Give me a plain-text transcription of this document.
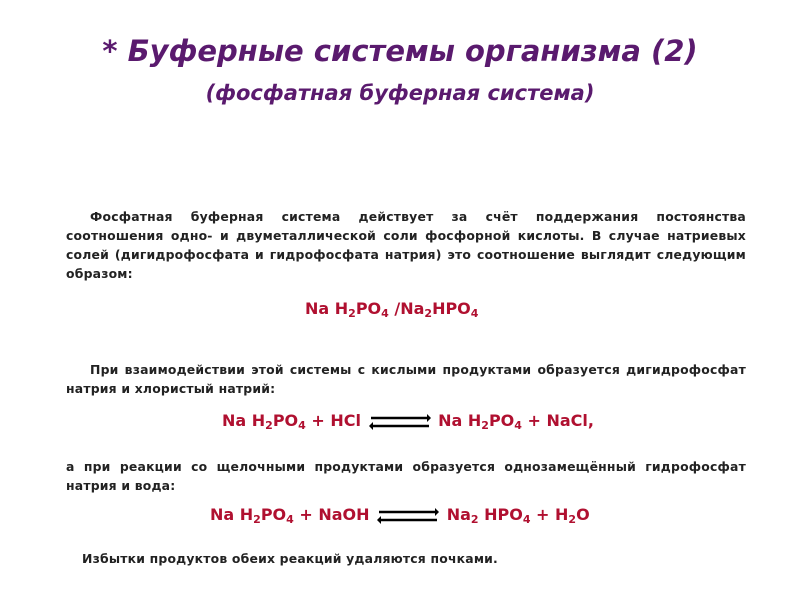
* Буферные системы организма (2)
(фосфатная буферная система)
Фосфатная буферная система действует за счёт поддержания постоянства соотношения одно- и двуметаллической соли фосфорной кислоты. В случае натриевых солей (дигидрофосфата и гидрофосфата натрия) это соотношение выглядит следующим образом:
Na $H_2PO_4$ $/Na_2HPO_4$
При взаимодействии этой системы с кислыми продуктами образуется дигидрофосфат натрия и хлористый натрий:
Na $H_2PO_4$ + HCl ⇌ Na $H_2PO_4$ + NaCl,
а при реакции со щелочными продуктами образуется однозамещённый гидрофосфат натрия и вода:
Na $H_2PO_4$ + NaOH ⇌ $Na_2$ $HPO_4 + H_2O$
Избытки продуктов обеих реакций удаляются почками.
